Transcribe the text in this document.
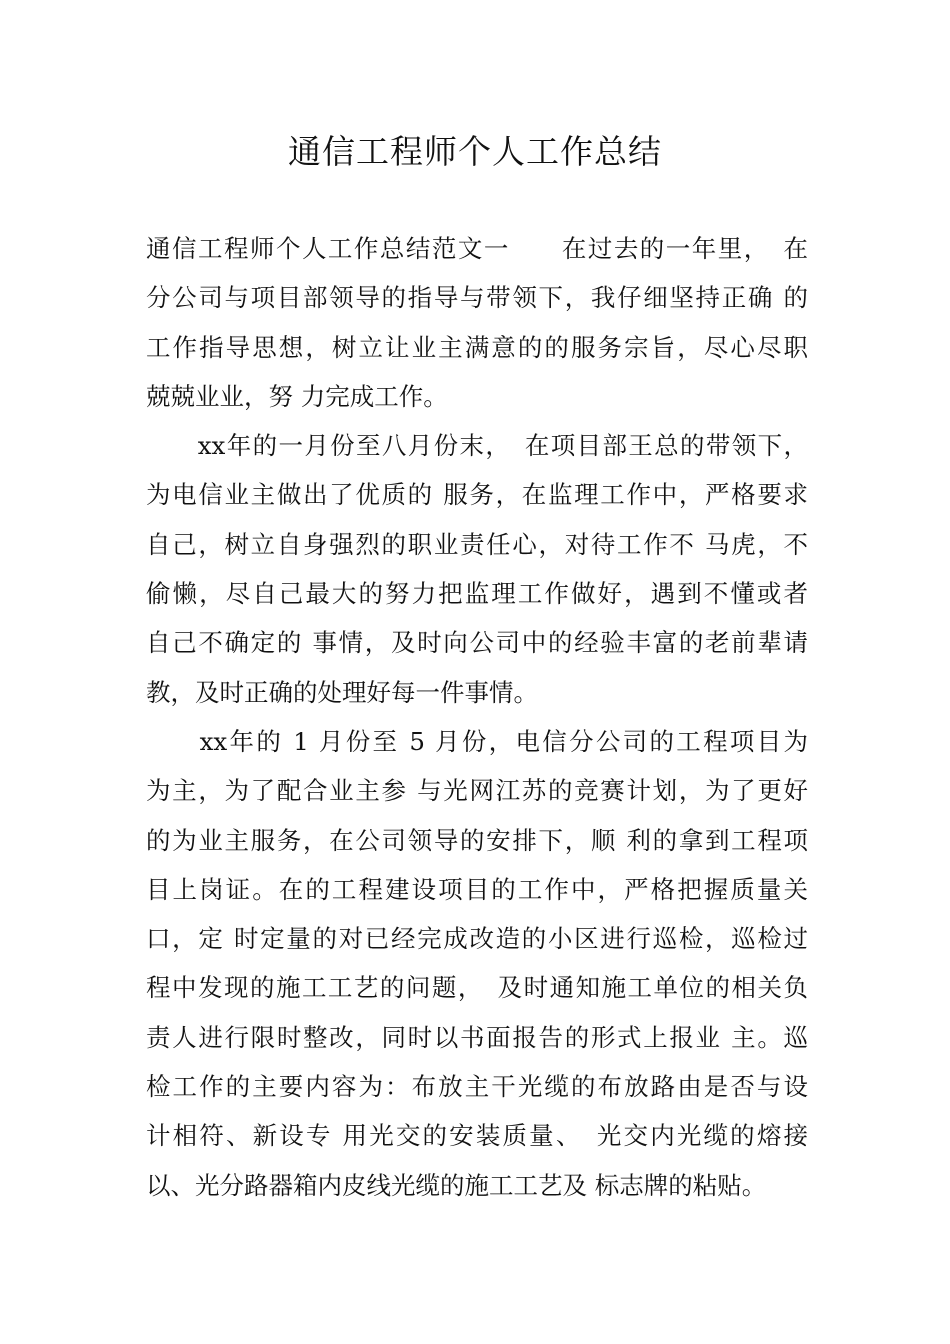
通信工程师个人工作总结
通信工程师个人工作总结范文一　　在过去的一年里，　在
分公司与项目部领导的指导与带领下，我仔细坚持正确 的
工作指导思想，树立让业主满意的的服务宗旨，尽心尽职
兢兢业业，努 力完成工作。
　　xx年的一月份至八月份末，　在项目部王总的带领下，
为电信业主做出了优质的 服务，在监理工作中，严格要求
自己，树立自身强烈的职业责任心，对待工作不 马虎，不
偷懒，尽自己最大的努力把监理工作做好，遇到不懂或者
自己不确定的 事情，及时向公司中的经验丰富的老前辈请
教，及时正确的处理好每一件事情。
　　xx年的 1 月份至 5 月份，电信分公司的工程项目为
为主，为了配合业主参 与光网江苏的竞赛计划，为了更好
的为业主服务，在公司领导的安排下，顺 利的拿到工程项
目上岗证。在的工程建设项目的工作中，严格把握质量关
口，定 时定量的对已经完成改造的小区进行巡检，巡检过
程中发现的施工工艺的问题，　及时通知施工单位的相关负
责人进行限时整改，同时以书面报告的形式上报业 主。巡
检工作的主要内容为：布放主干光缆的布放路由是否与设
计相符、新设专 用光交的安装质量、　光交内光缆的熔接
以、光分路器箱内皮线光缆的施工工艺及 标志牌的粘贴。
